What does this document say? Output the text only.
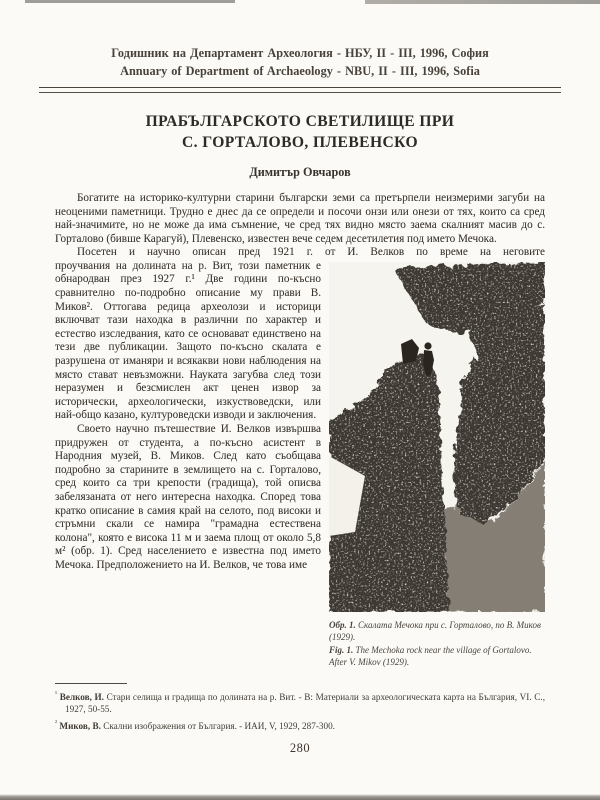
Годишник на Департамент Археология - НБУ, II - III, 1996, София
Annuary of Department of Archaeology - NBU, II - III, 1996, Sofia
ПРАБЪЛГАРСКОТО СВЕТИЛИЩЕ ПРИ
С. ГОРТАЛОВО, ПЛЕВЕНСКО
Димитър Овчаров

Богатите на историко-културни старини български земи са претърпели неизмерими загуби на неоценими паметници. Трудно е днес да се определи и посочи онзи или онези от тях, които са сред най-значимите, но не може да има съмнение, че сред тях видно място заема скалният масив до с. Горталово (бивше Карагуй), Плевенско, известен вече седем десетилетия под името Мечока.

Посетен и научно описан пред 1921 г. от И. Велков по време на неговите

Обр. 1. Скалата Мечока при с. Горталово, по В. Миков (1929).
Fig. 1. The Mechoka rock near the village of Gortalovo. After V. Mikov (1929).

проучвания на долината на р. Вит, този паметник е обнародван през 1927 г.¹ Две години по-късно сравнително по-подробно описание му прави В. Миков². Оттогава редица археолози и историци включват тази находка в различни по характер и естество изследвания, като се основават единствено на тези две публикации. Защото по-късно скалата е разрушена от иманяри и всякакви нови наблюдения на място стават невъзможни. Науката загубва след този неразумен и безсмислен акт ценен извор за исторически, археологически, изкуствоведски, или най-общо казано, културоведски изводи и заключения.

Своето научно пътешествие И. Велков извършва придружен от студента, а по-късно асистент в Народния музей, В. Миков. След като съобщава подробно за старините в землището на с. Горталово, сред които са три крепости (градища), той описва забелязаната от него интересна находка. Според това кратко описание в самия край на селото, под високи и стръмни скали се намира "грамадна естествена колона", която е висока 11 м и заема площ от около 5,8 м² (обр. 1). Сред населението е известна под името Мечока. Предположението на И. Велков, че това име

$^{^1}$ Велков, И. Стари селища и градища по долината на р. Вит. - В: Материали за археологическата карта на България, VI. С., 1927, 50-55.

$^{^2}$ Миков, В. Скални изображения от България. - ИАИ, V, 1929, 287-300.

280
